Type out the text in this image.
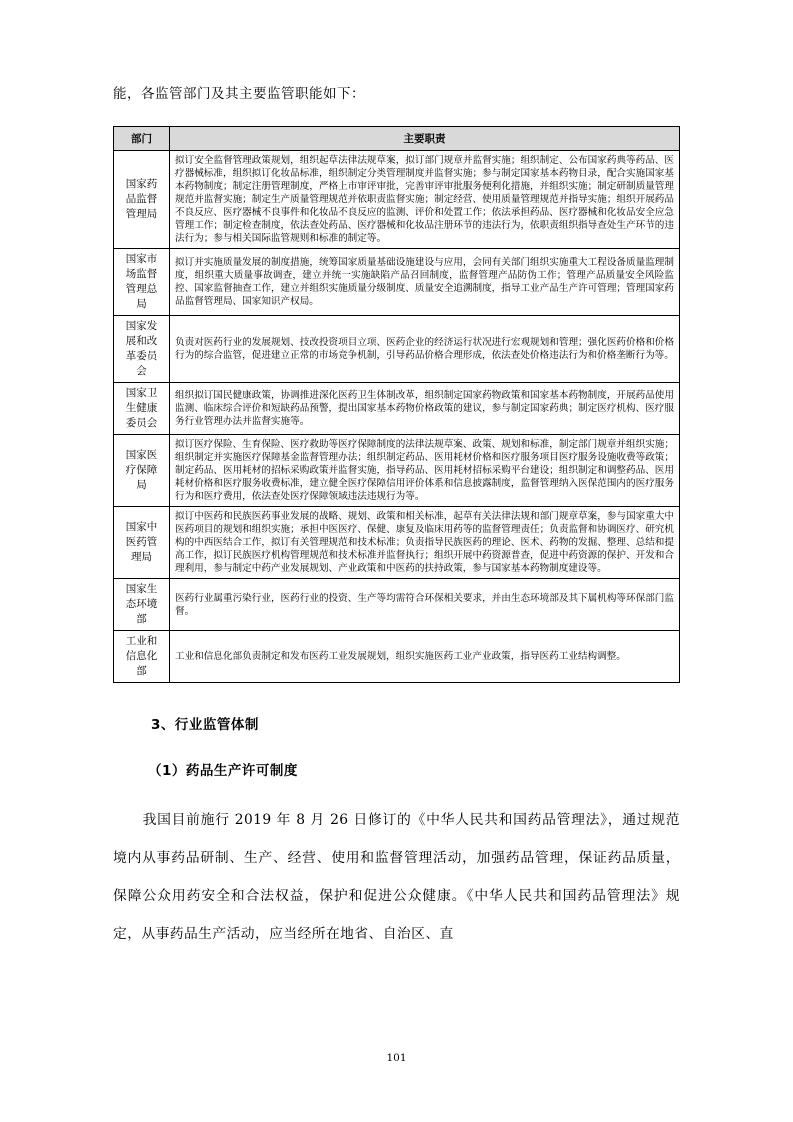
能，各监管部门及其主要监管职能如下：

部门	主要职责
国家药品监督管理局	拟订安全监督管理政策规划，组织起草法律法规草案，拟订部门规章并监督实施；组织制定、公布国家药典等药品、医疗器械标准，组织拟订化妆品标准，组织制定分类管理制度并监督实施；参与制定国家基本药物目录，配合实施国家基本药物制度；制定注册管理制度，严格上市审评审批，完善审评审批服务便利化措施，并组织实施；制定研制质量管理规范并监督实施；制定生产质量管理规范并依职责监督实施；制定经营、使用质量管理规范并指导实施；组织开展药品不良反应、医疗器械不良事件和化妆品不良反应的监测、评价和处置工作；依法承担药品、医疗器械和化妆品安全应急管理工作；制定检查制度，依法查处药品、医疗器械和化妆品注册环节的违法行为，依职责组织指导查处生产环节的违法行为；参与相关国际监管规则和标准的制定等。
国家市场监督管理总局	拟订并实施质量发展的制度措施，统筹国家质量基础设施建设与应用，会同有关部门组织实施重大工程设备质量监理制度，组织重大质量事故调查，建立并统一实施缺陷产品召回制度，监督管理产品防伪工作；管理产品质量安全风险监控、国家监督抽查工作，建立并组织实施质量分级制度、质量安全追溯制度，指导工业产品生产许可管理；管理国家药品监督管理局、国家知识产权局。
国家发展和改革委员会	负责对医药行业的发展规划、技改投资项目立项、医药企业的经济运行状况进行宏观规划和管理；强化医药价格和价格行为的综合监管，促进建立正常的市场竞争机制，引导药品价格合理形成，依法查处价格违法行为和价格垄断行为等。
国家卫生健康委员会	组织拟订国民健康政策，协调推进深化医药卫生体制改革，组织制定国家药物政策和国家基本药物制度，开展药品使用监测、临床综合评价和短缺药品预警，提出国家基本药物价格政策的建议，参与制定国家药典；制定医疗机构、医疗服务行业管理办法并监督实施等。
国家医疗保障局	拟订医疗保险、生育保险、医疗救助等医疗保障制度的法律法规草案、政策、规划和标准，制定部门规章并组织实施；组织制定并实施医疗保障基金监督管理办法；组织制定药品、医用耗材价格和医疗服务项目医疗服务设施收费等政策；制定药品、医用耗材的招标采购政策并监督实施，指导药品、医用耗材招标采购平台建设；组织制定和调整药品、医用耗材价格和医疗服务收费标准，建立健全医疗保障信用评价体系和信息披露制度，监督管理纳入医保范围内的医疗服务行为和医疗费用，依法查处医疗保障领域违法违规行为等。
国家中医药管理局	拟订中医药和民族医药事业发展的战略、规划、政策和相关标准，起草有关法律法规和部门规章草案，参与国家重大中医药项目的规划和组织实施；承担中医医疗、保健、康复及临床用药等的监督管理责任；负责监督和协调医疗、研究机构的中西医结合工作，拟订有关管理规范和技术标准；负责指导民族医药的理论、医术、药物的发掘、整理、总结和提高工作，拟订民族医疗机构管理规范和技术标准并监督执行；组织开展中药资源普查，促进中药资源的保护、开发和合理利用，参与制定中药产业发展规划、产业政策和中医药的扶持政策，参与国家基本药物制度建设等。
国家生态环境部	医药行业属重污染行业，医药行业的投资、生产等均需符合环保相关要求，并由生态环境部及其下属机构等环保部门监督。
工业和信息化部	工业和信息化部负责制定和发布医药工业发展规划，组织实施医药工业产业政策，指导医药工业结构调整。

3、行业监管体制

（1）药品生产许可制度

我国目前施行 2019 年 8 月 26 日修订的《中华人民共和国药品管理法》，通过规范境内从事药品研制、生产、经营、使用和监督管理活动，加强药品管理，保证药品质量，保障公众用药安全和合法权益，保护和促进公众健康。《中华人民共和国药品管理法》规定，从事药品生产活动，应当经所在地省、自治区、直

101
